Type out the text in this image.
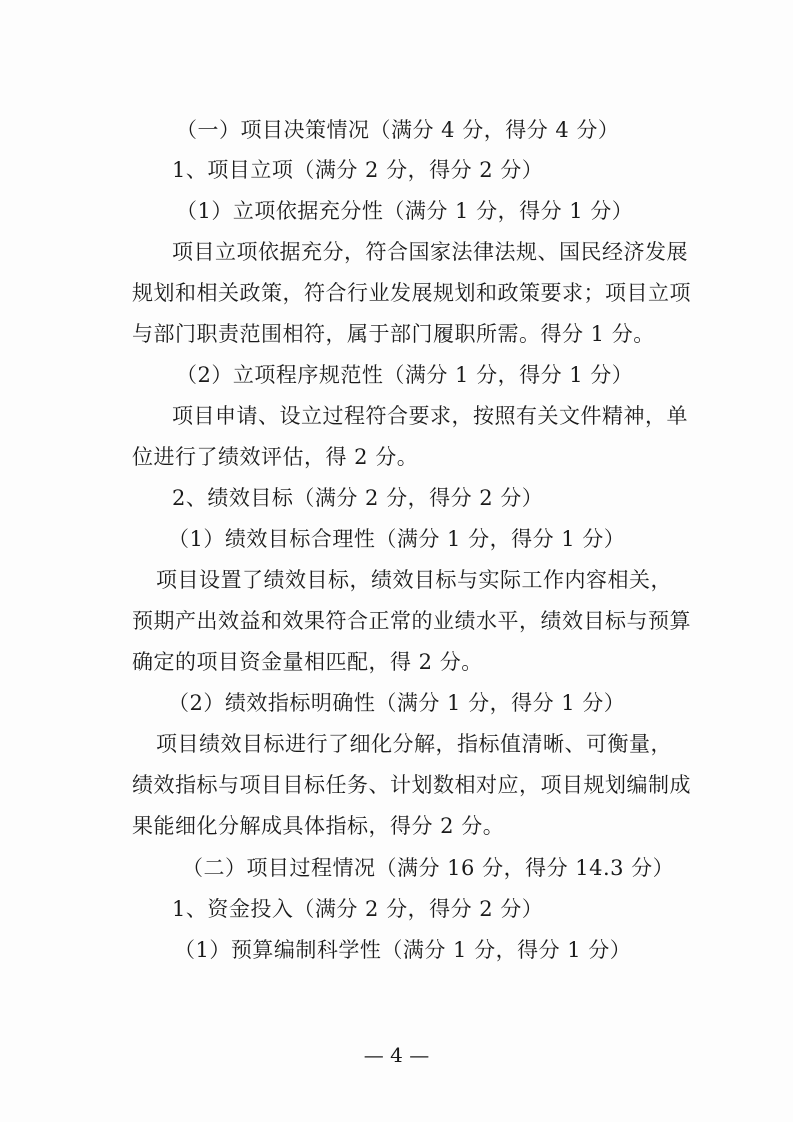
（一）项目决策情况（满分 4 分，得分 4 分）
1、项目立项（满分 2 分，得分 2 分）
（1）立项依据充分性（满分 1 分，得分 1 分）
项目立项依据充分，符合国家法律法规、国民经济发展
规划和相关政策，符合行业发展规划和政策要求；项目立项
与部门职责范围相符，属于部门履职所需。得分 1 分。
（2）立项程序规范性（满分 1 分，得分 1 分）
项目申请、设立过程符合要求，按照有关文件精神，单
位进行了绩效评估，得 2 分。
2、绩效目标（满分 2 分，得分 2 分）
（1）绩效目标合理性（满分 1 分，得分 1 分）
项目设置了绩效目标，绩效目标与实际工作内容相关，
预期产出效益和效果符合正常的业绩水平，绩效目标与预算
确定的项目资金量相匹配，得 2 分。
（2）绩效指标明确性（满分 1 分，得分 1 分）
项目绩效目标进行了细化分解，指标值清晰、可衡量，
绩效指标与项目目标任务、计划数相对应，项目规划编制成
果能细化分解成具体指标，得分 2 分。
（二）项目过程情况（满分 16 分，得分 14.3 分）
1、资金投入（满分 2 分，得分 2 分）
（1）预算编制科学性（满分 1 分，得分 1 分）
— 4 —
